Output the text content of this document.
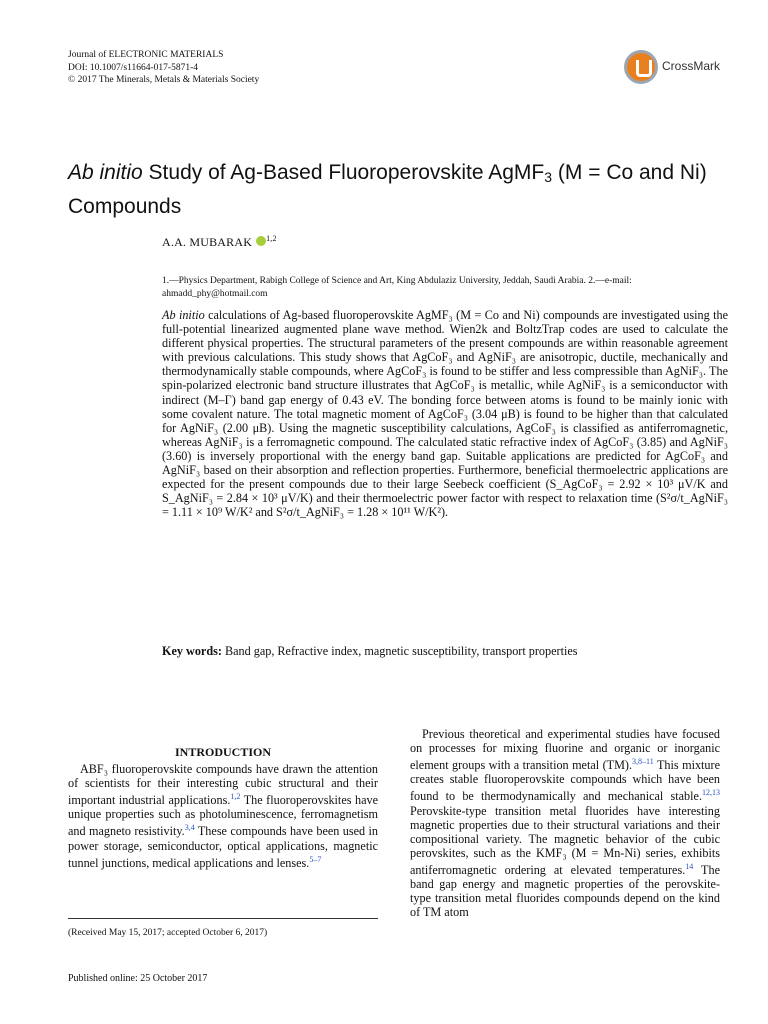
Journal of ELECTRONIC MATERIALS
DOI: 10.1007/s11664-017-5871-4
© 2017 The Minerals, Metals & Materials Society
CrossMark
Ab initio Study of Ag-Based Fluoroperovskite AgMF$_3$ (M = Co and Ni) Compounds
A.A. MUBARAK $^{1,2}$
1.—Physics Department, Rabigh College of Science and Art, King Abdulaziz University, Jeddah, Saudi Arabia. 2.—e-mail: ahmadd_phy@hotmail.com
Ab initio calculations of Ag-based fluoroperovskite AgMF₃ (M = Co and Ni) compounds are investigated using the full-potential linearized augmented plane wave method. Wien2k and BoltzTrap codes are used to calculate the different physical properties. The structural parameters of the present compounds are within reasonable agreement with previous calculations. This study shows that AgCoF₃ and AgNiF₃ are anisotropic, ductile, mechanically and thermodynamically stable compounds, where AgCoF₃ is found to be stiffer and less compressible than AgNiF₃. The spin-polarized electronic band structure illustrates that AgCoF₃ is metallic, while AgNiF₃ is a semiconductor with indirect (M–Γ) band gap energy of 0.43 eV. The bonding force between atoms is found to be mainly ionic with some covalent nature. The total magnetic moment of AgCoF₃ (3.04 μB) is found to be higher than that calculated for AgNiF₃ (2.00 μB). Using the magnetic susceptibility calculations, AgCoF₃ is classified as antiferromagnetic, whereas AgNiF₃ is a ferromagnetic compound. The calculated static refractive index of AgCoF₃ (3.85) and AgNiF₃ (3.60) is inversely proportional with the energy band gap. Suitable applications are predicted for AgCoF₃ and AgNiF₃ based on their absorption and reflection properties. Furthermore, beneficial thermoelectric applications are expected for the present compounds due to their large Seebeck coefficient (S_AgCoF₃ = 2.92 × 10³ μV/K and S_AgNiF₃ = 2.84 × 10³ μV/K) and their thermoelectric power factor with respect to relaxation time (S²σ/t_AgNiF₃ = 1.11 × 10⁹ W/K² and S²σ/t_AgNiF₃ = 1.28 × 10¹¹ W/K²).
Key words: Band gap, Refractive index, magnetic susceptibility, transport properties
INTRODUCTION

ABF₃ fluoroperovskite compounds have drawn the attention of scientists for their interesting cubic structural and their important industrial applications.$^{1,2}$ The fluoroperovskites have unique properties such as photoluminescence, ferromagnetism and magneto resistivity.$^{3,4}$ These compounds have been used in power storage, semiconductor, optical applications, magnetic tunnel junctions, medical applications and lenses.$^{5-7}$

Previous theoretical and experimental studies have focused on processes for mixing fluorine and organic or inorganic element groups with a transition metal (TM).$^{3,8-11}$ This mixture creates stable fluoroperovskite compounds which have been found to be thermodynamically and mechanical stable.$^{12,13}$ Perovskite-type transition metal fluorides have interesting magnetic properties due to their structural variations and their compositional variety. The magnetic behavior of the cubic perovskites, such as the KMF₃ (M = Mn-Ni) series, exhibits antiferromagnetic ordering at elevated temperatures.$^{14}$ The band gap energy and magnetic properties of the perovskite-type transition metal fluorides compounds depend on the kind of TM atom

(Received May 15, 2017; accepted October 6, 2017)
Published online: 25 October 2017
